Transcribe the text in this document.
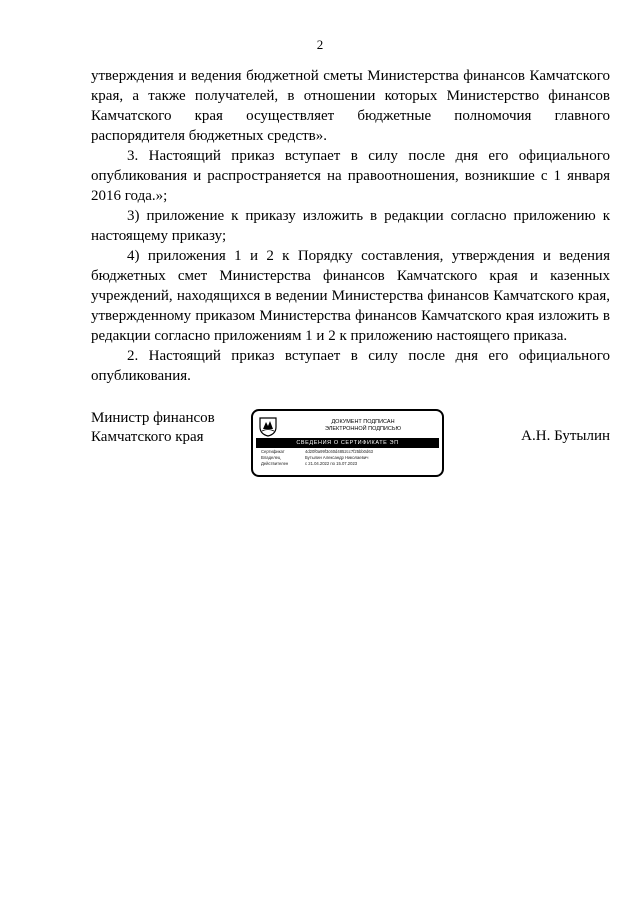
2

утверждения и ведения бюджетной сметы Министерства финансов Камчатского края, а также получателей, в отношении которых Министерство финансов Камчатского края осуществляет бюджетные полномочия главного распорядителя бюджетных средств».

3. Настоящий приказ вступает в силу после дня его официального опубликования и распространяется на правоотношения, возникшие с 1 января 2016 года.»;

3) приложение к приказу изложить в редакции согласно приложению к настоящему приказу;

4) приложения 1 и 2 к Порядку составления, утверждения и ведения бюджетных смет Министерства финансов Камчатского края и казенных учреждений, находящихся в ведении Министерства финансов Камчатского края, утвержденному приказом Министерства финансов Камчатского края изложить в редакции согласно приложениям 1 и 2 к приложению настоящего приказа.

2. Настоящий приказ вступает в силу после дня его официального опубликования.

Министр финансов
Камчатского края
ДОКУМЕНТ ПОДПИСАН
ЭЛЕКТРОННОЙ ПОДПИСЬЮ
СВЕДЕНИЯ О СЕРТИФИКАТЕ ЭП
Сертификат	4d20f0a99f3c60d4852cc7f25bb0d63
Владелец	Бутылин Александр Николаевич
Действителен	с 21.04.2022 по 15.07.2023
А.Н. Бутылин
